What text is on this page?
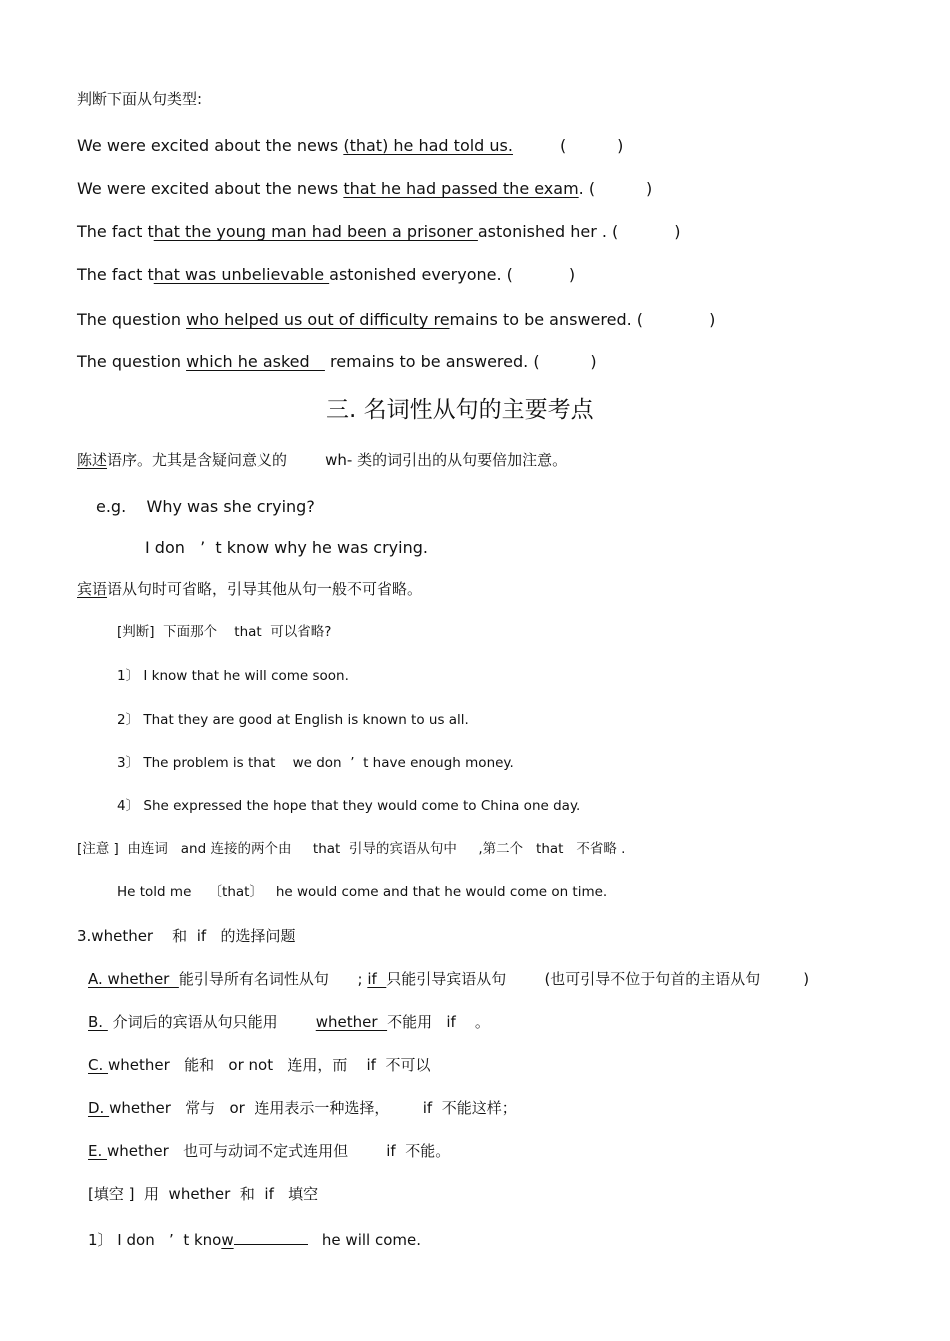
判断下面从句类型:
We were excited about the news (that) he had told us.	(          )
We were excited about the news that he had passed the exam. (          )
The fact that the young man had been a prisoner astonished her . (           )
The fact that was unbelievable astonished everyone. (           )
The question who helped us out of difficulty remains to be answered. (             )
The question which he asked    remains to be answered. (          )
三. 名词性从句的主要考点
陈述语序。尤其是含疑问意义的        wh- 类的词引出的从句要倍加注意。
e.g.    Why was she crying?
I don   ’  t know why he was crying.
宾语语从句时可省略，引导其他从句一般不可省略。
[判断]  下面那个    that  可以省略?
1〕 I know that he will come soon.
2〕 That they are good at English is known to us all.
3〕 The problem is that    we don  ’  t have enough money.
4〕 She expressed the hope that they would come to China one day.
[注意 ]  由连词   and 连接的两个由     that  引导的宾语从句中     ,第二个   that   不省略 .
He told me    〔that〕   he would come and that he would come on time.
3.whether    和  if   的选择问题
A. whether  能引导所有名词性从句      ; if  只能引导宾语从句        (也可引导不位于句首的主语从句         )
B.  介词后的宾语从句只能用        whether  不能用   if    。
C. whether   能和   or not   连用，而    if  不可以
D. whether   常与   or  连用表示一种选择，       if  不能这样；
E. whether   也可与动词不定式连用但        if  不能。
[填空 ]  用  whether  和  if   填空
1〕 I don   ’  t know	he will come.
